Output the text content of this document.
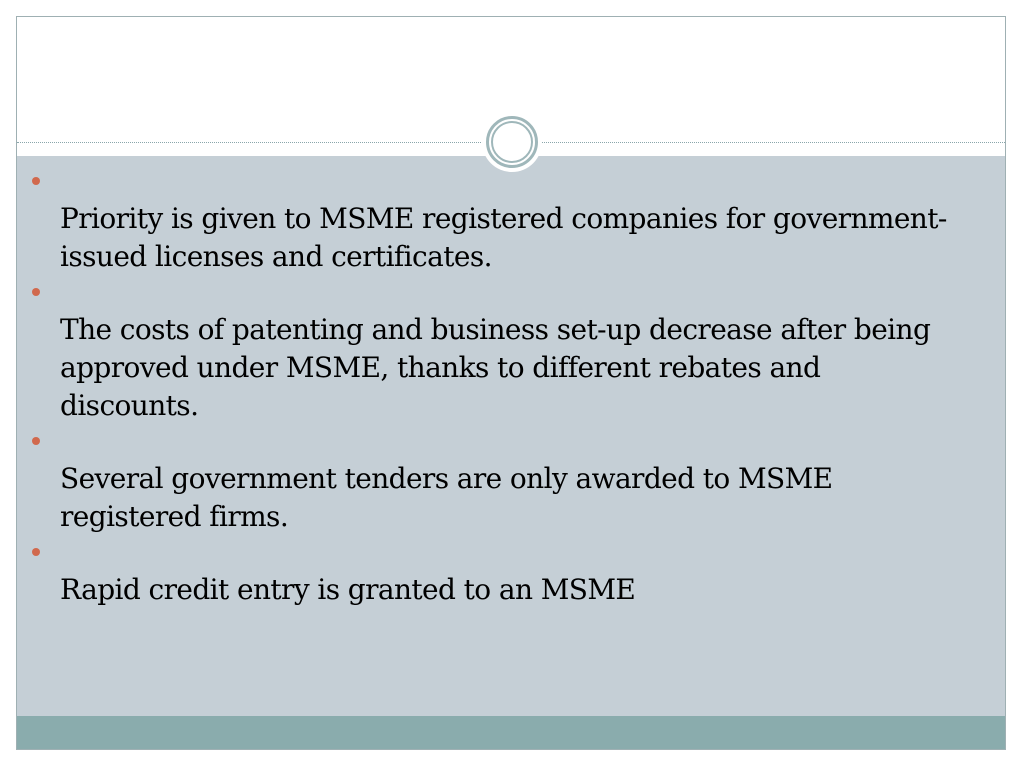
Priority is given to MSME registered companies for government-issued licenses and certificates.
The costs of patenting and business set-up decrease after being approved under MSME, thanks to different rebates and discounts.
Several government tenders are only awarded to MSME registered firms.
Rapid credit entry is granted to an MSME
